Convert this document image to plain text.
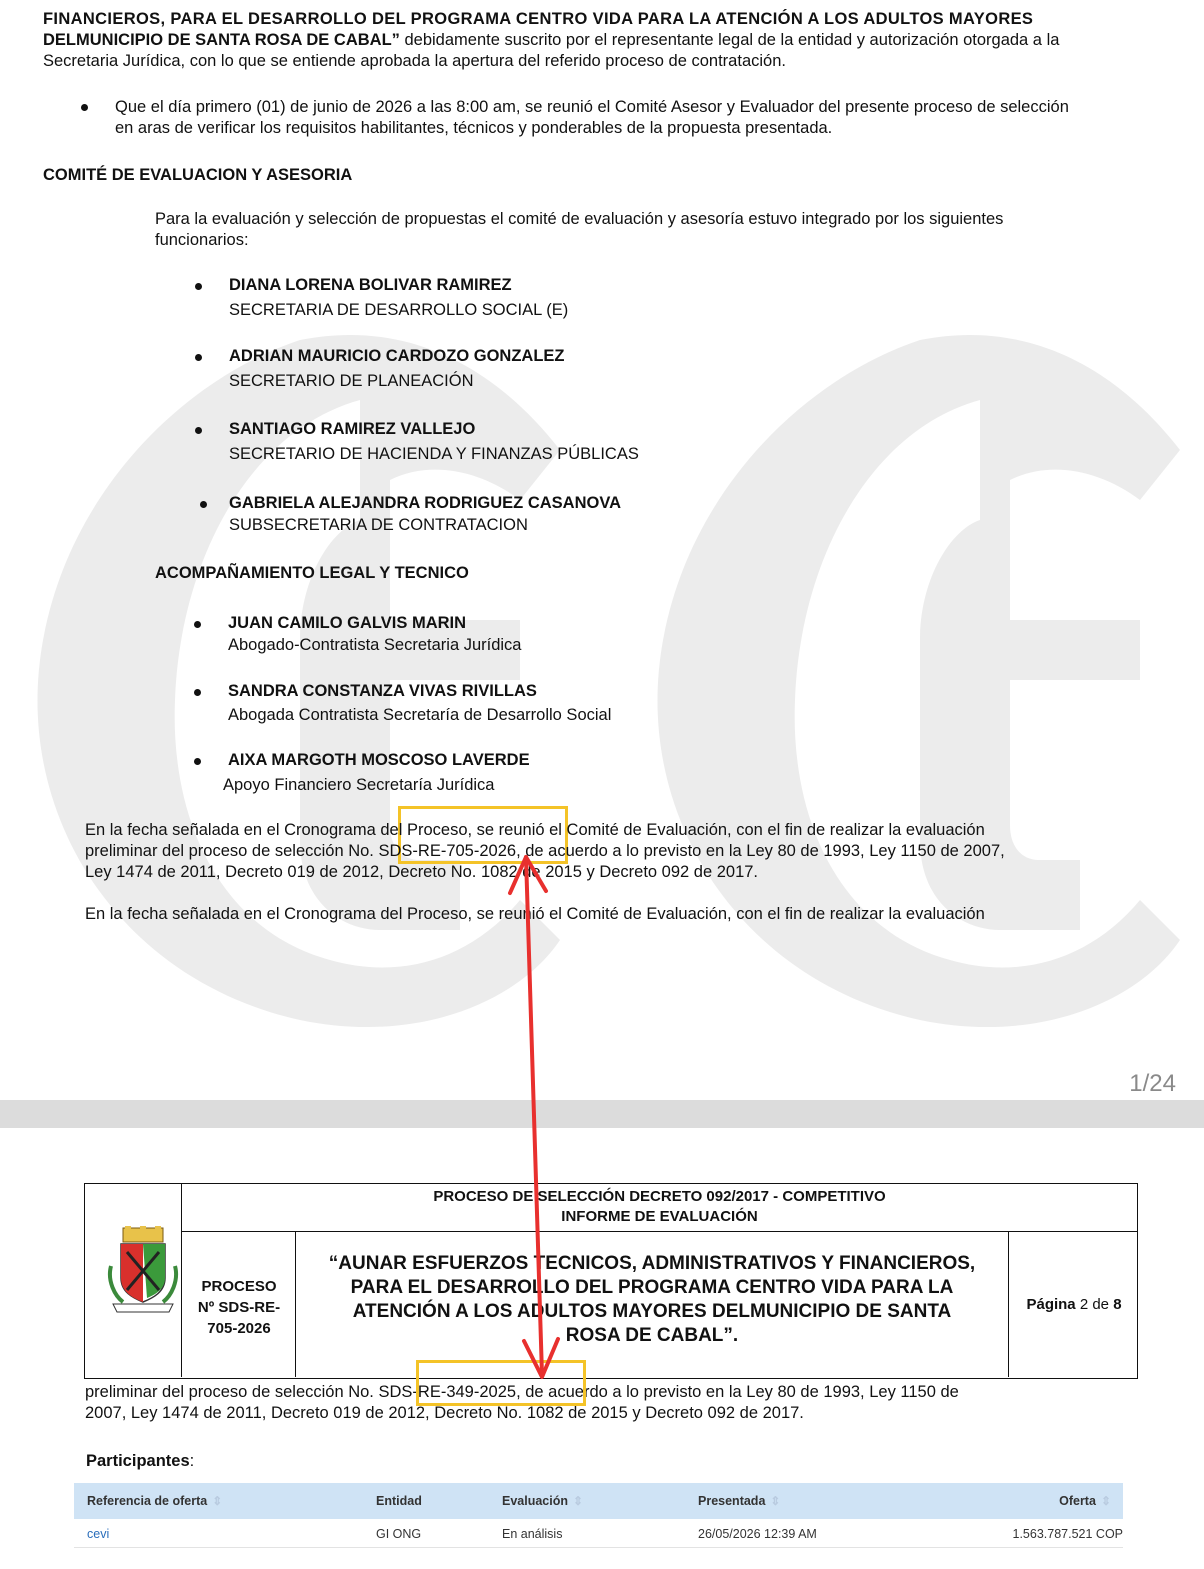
FINANCIEROS, PARA EL DESARROLLO DEL PROGRAMA CENTRO VIDA PARA LA ATENCIÓN A LOS ADULTOS MAYORES
DELMUNICIPIO DE SANTA ROSA DE CABAL” debidamente suscrito por el representante legal de la entidad y autorización otorgada a la
Secretaria Jurídica, con lo que se entiende aprobada la apertura del referido proceso de contratación.
Que el día primero (01) de junio de 2026 a las 8:00 am, se reunió el Comité Asesor y Evaluador del presente proceso de selección
en aras de verificar los requisitos habilitantes, técnicos y ponderables de la propuesta presentada.
COMITÉ DE EVALUACION Y ASESORIA
Para la evaluación y selección de propuestas el comité de evaluación y asesoría estuvo integrado por los siguientes
funcionarios:
DIANA LORENA BOLIVAR RAMIREZ
SECRETARIA DE DESARROLLO SOCIAL (E)
ADRIAN MAURICIO CARDOZO GONZALEZ
SECRETARIO DE PLANEACIÓN
SANTIAGO RAMIREZ VALLEJO
SECRETARIO DE HACIENDA Y FINANZAS PÚBLICAS
GABRIELA ALEJANDRA RODRIGUEZ CASANOVA
SUBSECRETARIA DE CONTRATACION
ACOMPAÑAMIENTO LEGAL Y TECNICO
JUAN CAMILO GALVIS MARIN
Abogado-Contratista Secretaria Jurídica
SANDRA CONSTANZA VIVAS RIVILLAS
Abogada Contratista Secretaría de Desarrollo Social
AIXA MARGOTH MOSCOSO LAVERDE
Apoyo Financiero Secretaría Jurídica
En la fecha señalada en el Cronograma del Proceso, se reunió el Comité de Evaluación, con el fin de realizar la evaluación
preliminar del proceso de selección No. SDS-RE-705-2026, de acuerdo a lo previsto en la Ley 80 de 1993, Ley 1150 de 2007,
Ley 1474 de 2011, Decreto 019 de 2012, Decreto No. 1082 de 2015 y Decreto 092 de 2017.
En la fecha señalada en el Cronograma del Proceso, se reunió el Comité de Evaluación, con el fin de realizar la evaluación
1/24
PROCESO DE SELECCIÓN DECRETO 092/2017 - COMPETITIVO
INFORME DE EVALUACIÓN
PROCESO
Nº SDS-RE-
705-2026
“AUNAR ESFUERZOS TECNICOS, ADMINISTRATIVOS Y FINANCIEROS,
PARA EL DESARROLLO DEL PROGRAMA CENTRO VIDA PARA LA
ATENCIÓN A LOS ADULTOS MAYORES DELMUNICIPIO DE SANTA
ROSA DE CABAL”.
Página 2 de 8
preliminar del proceso de selección No. SDS-RE-349-2025, de acuerdo a lo previsto en la Ley 80 de 1993, Ley 1150 de
2007, Ley 1474 de 2011, Decreto 019 de 2012, Decreto No. 1082 de 2015 y Decreto 092 de 2017.
Participantes:
Referencia de oferta ⇕	Entidad	Evaluación ⇕	Presentada ⇕	Oferta ⇕
cevi	GI ONG	En análisis	26/05/2026 12:39 AM	1.563.787.521 COP
